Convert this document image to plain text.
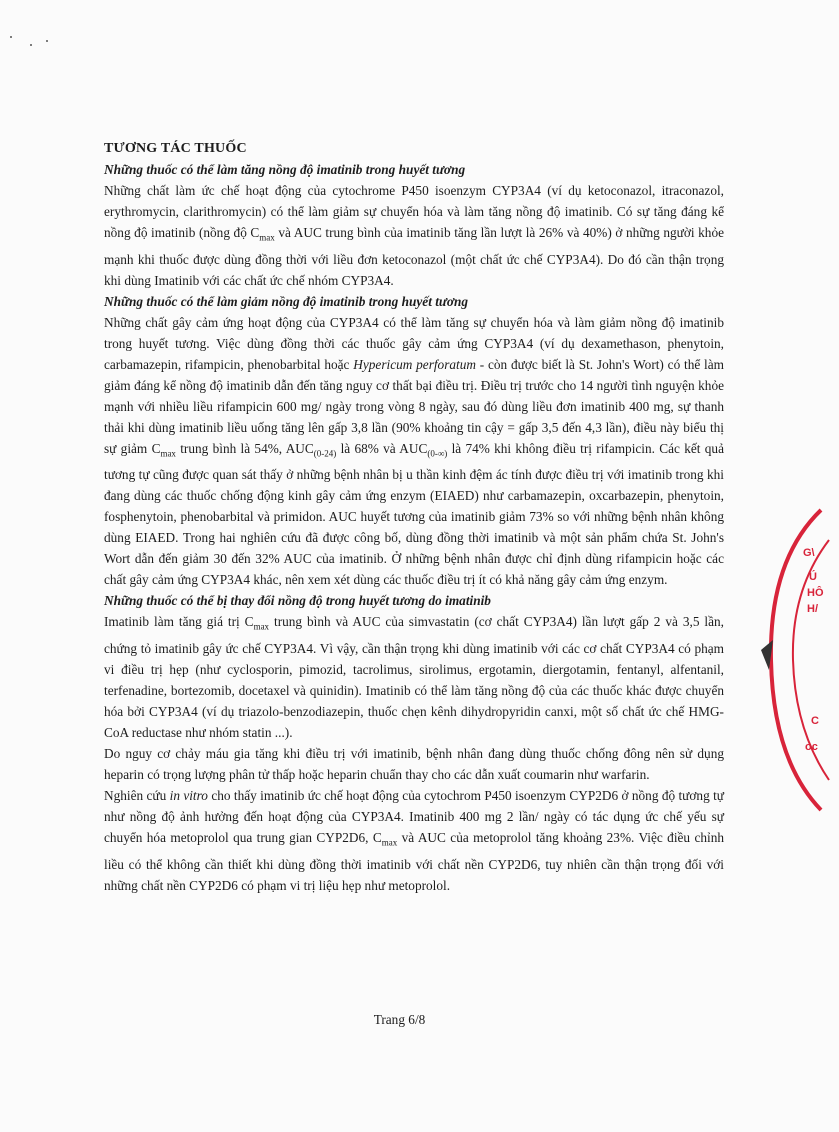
TƯƠNG TÁC THUỐC

Những thuốc có thể làm tăng nồng độ imatinib trong huyết tương

Những chất làm ức chế hoạt động của cytochrome P450 isoenzym CYP3A4 (ví dụ ketoconazol, itraconazol, erythromycin, clarithromycin) có thể làm giảm sự chuyển hóa và làm tăng nồng độ imatinib. Có sự tăng đáng kể nồng độ imatinib (nồng độ $C_{max}$ và AUC trung bình của imatinib tăng lần lượt là 26% và 40%) ở những người khỏe mạnh khi thuốc được dùng đồng thời với liều đơn ketoconazol (một chất ức chế CYP3A4). Do đó cần thận trọng khi dùng Imatinib với các chất ức chế nhóm CYP3A4.

Những thuốc có thể làm giảm nồng độ imatinib trong huyết tương

Những chất gây cảm ứng hoạt động của CYP3A4 có thể làm tăng sự chuyển hóa và làm giảm nồng độ imatinib trong huyết tương. Việc dùng đồng thời các thuốc gây cảm ứng CYP3A4 (ví dụ dexamethason, phenytoin, carbamazepin, rifampicin, phenobarbital hoặc Hypericum perforatum - còn được biết là St. John's Wort) có thể làm giảm đáng kể nồng độ imatinib dẫn đến tăng nguy cơ thất bại điều trị. Điều trị trước cho 14 người tình nguyện khỏe mạnh với nhiều liều rifampicin 600 mg/ ngày trong vòng 8 ngày, sau đó dùng liều đơn imatinib 400 mg, sự thanh thải khi dùng imatinib liều uống tăng lên gấp 3,8 lần (90% khoảng tin cậy = gấp 3,5 đến 4,3 lần), điều này biểu thị sự giảm $C_{max}$ trung bình là 54%, $AUC_{(0-24)}$ là 68% và $AUC_{(0-\infty)}$ là 74% khi không điều trị rifampicin. Các kết quả tương tự cũng được quan sát thấy ở những bệnh nhân bị u thần kinh đệm ác tính được điều trị với imatinib trong khi đang dùng các thuốc chống động kinh gây cảm ứng enzym (EIAED) như carbamazepin, oxcarbazepin, phenytoin, fosphenytoin, phenobarbital và primidon. AUC huyết tương của imatinib giảm 73% so với những bệnh nhân không dùng EIAED. Trong hai nghiên cứu đã được công bố, dùng đồng thời imatinib và một sản phẩm chứa St. John's Wort dẫn đến giảm 30 đến 32% AUC của imatinib. Ở những bệnh nhân được chỉ định dùng rifampicin hoặc các chất gây cảm ứng CYP3A4 khác, nên xem xét dùng các thuốc điều trị ít có khả năng gây cảm ứng enzym.

Những thuốc có thể bị thay đổi nồng độ trong huyết tương do imatinib

Imatinib làm tăng giá trị $C_{max}$ trung bình và AUC của simvastatin (cơ chất CYP3A4) lần lượt gấp 2 và 3,5 lần, chứng tỏ imatinib gây ức chế CYP3A4. Vì vậy, cần thận trọng khi dùng imatinib với các cơ chất CYP3A4 có phạm vi điều trị hẹp (như cyclosporin, pimozid, tacrolimus, sirolimus, ergotamin, diergotamin, fentanyl, alfentanil, terfenadine, bortezomib, docetaxel và quinidin). Imatinib có thể làm tăng nồng độ của các thuốc khác được chuyển hóa bởi CYP3A4 (ví dụ triazolo-benzodiazepin, thuốc chẹn kênh dihydropyridin canxi, một số chất ức chế HMG-CoA reductase như nhóm statin ...).

Do nguy cơ chảy máu gia tăng khi điều trị với imatinib, bệnh nhân đang dùng thuốc chống đông nên sử dụng heparin có trọng lượng phân tử thấp hoặc heparin chuẩn thay cho các dẫn xuất coumarin như warfarin.

Nghiên cứu in vitro cho thấy imatinib ức chế hoạt động của cytochrom P450 isoenzym CYP2D6 ở nồng độ tương tự như nồng độ ảnh hưởng đến hoạt động của CYP3A4. Imatinib 400 mg 2 lần/ ngày có tác dụng ức chế yếu sự chuyển hóa metoprolol qua trung gian CYP2D6, $C_{max}$ và AUC của metoprolol tăng khoảng 23%. Việc điều chỉnh liều có thể không cần thiết khi dùng đồng thời imatinib với chất nền CYP2D6, tuy nhiên cần thận trọng đối với những chất nền CYP2D6 có phạm vi trị liệu hẹp như metoprolol.

Trang 6/8
G\
Ú
HÔ
H/
C
oc
